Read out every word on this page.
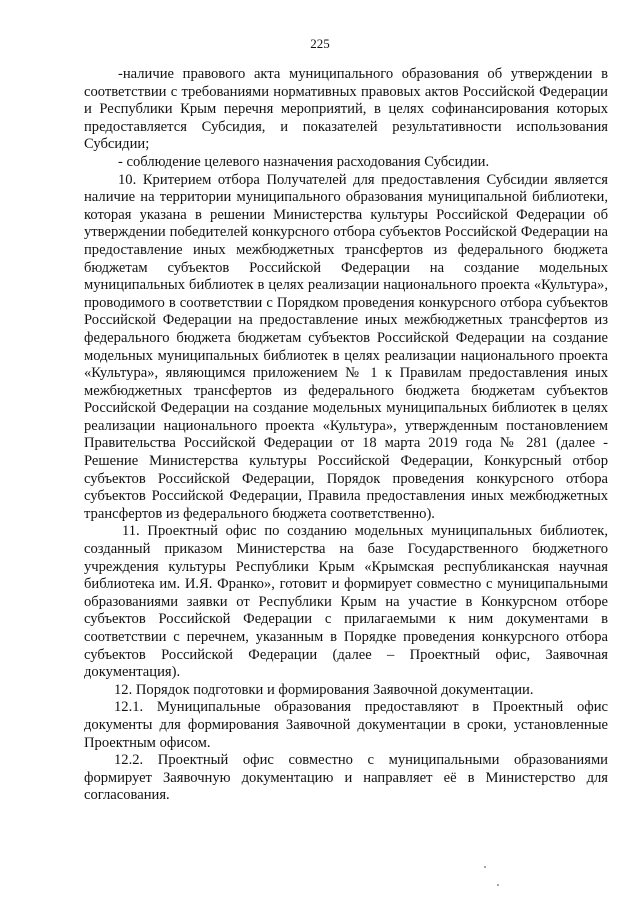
225

-наличие правового акта муниципального образования об утверждении в соответствии с требованиями нормативных правовых актов Российской Федерации и Республики Крым перечня мероприятий, в целях софинансирования которых предоставляется Субсидия, и показателей результативности использования Субсидии;

- соблюдение целевого назначения расходования Субсидии.

10. Критерием отбора Получателей для предоставления Субсидии является наличие на территории муниципального образования муниципальной библиотеки, которая указана в решении Министерства культуры Российской Федерации об утверждении победителей конкурсного отбора субъектов Российской Федерации на предоставление иных межбюджетных трансфертов из федерального бюджета бюджетам субъектов Российской Федерации на создание модельных муниципальных библиотек в целях реализации национального проекта «Культура», проводимого в соответствии с Порядком проведения конкурсного отбора субъектов Российской Федерации на предоставление иных межбюджетных трансфертов из федерального бюджета бюджетам субъектов Российской Федерации на создание модельных муниципальных библиотек в целях реализации национального проекта «Культура», являющимся приложением № 1 к Правилам предоставления иных межбюджетных трансфертов из федерального бюджета бюджетам субъектов Российской Федерации на создание модельных муниципальных библиотек в целях реализации национального проекта «Культура», утвержденным постановлением Правительства Российской Федерации от 18 марта 2019 года № 281 (далее - Решение Министерства культуры Российской Федерации, Конкурсный отбор субъектов Российской Федерации, Порядок проведения конкурсного отбора субъектов Российской Федерации, Правила предоставления иных межбюджетных трансфертов из федерального бюджета соответственно).

11. Проектный офис по созданию модельных муниципальных библиотек, созданный приказом Министерства на базе Государственного бюджетного учреждения культуры Республики Крым «Крымская республиканская научная библиотека им. И.Я. Франко», готовит и формирует совместно с муниципальными образованиями заявки от Республики Крым на участие в Конкурсном отборе субъектов Российской Федерации с прилагаемыми к ним документами в соответствии с перечнем, указанным в Порядке проведения конкурсного отбора субъектов Российской Федерации (далее – Проектный офис, Заявочная документация).

12. Порядок подготовки и формирования Заявочной документации.

12.1. Муниципальные образования предоставляют в Проектный офис документы для формирования Заявочной документации в сроки, установленные Проектным офисом.

12.2. Проектный офис совместно с муниципальными образованиями формирует Заявочную документацию и направляет её в Министерство для согласования.
